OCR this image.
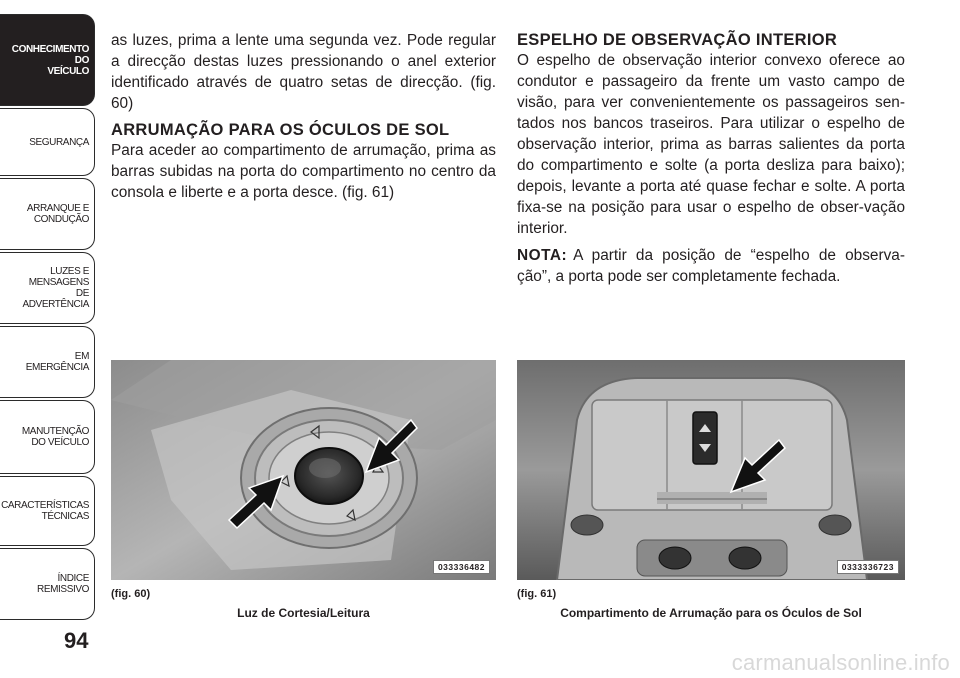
CONHECIMENTO
DO
VEÍCULO
SEGURANÇA
ARRANQUE E
CONDUÇÃO
LUZES E
MENSAGENS
DE
ADVERTÊNCIA
EM
EMERGÊNCIA
MANUTENÇÃO
DO VEÍCULO
CARACTERÍSTICAS
TÉCNICAS
ÍNDICE
REMISSIVO
94

as luzes, prima a lente uma segunda vez. Pode regular a direcção destas luzes pressionando o anel exterior identificado através de quatro setas de direcção. (fig. 60)

ARRUMAÇÃO PARA OS ÓCULOS DE SOL

Para aceder ao compartimento de arrumação, prima as barras subidas na porta do compartimento no centro da consola e liberte e a porta desce. (fig. 61)

ESPELHO DE OBSERVAÇÃO INTERIOR

O espelho de observação interior convexo oferece ao condutor e passageiro da frente um vasto campo de visão, para ver convenientemente os passageiros sen-tados nos bancos traseiros. Para utilizar o espelho de observação interior, prima as barras salientes da porta do compartimento e solte (a porta desliza para baixo); depois, levante a porta até quase fechar e solte. A porta fixa-se na posição para usar o espelho de obser-vação interior.

NOTA: A partir da posição de “espelho de observa-ção”, a porta pode ser completamente fechada.

033336482
(fig. 60)
Luz de Cortesia/Leitura
0333336723
(fig. 61)
Compartimento de Arrumação para os Óculos de Sol
carmanualsonline.info
